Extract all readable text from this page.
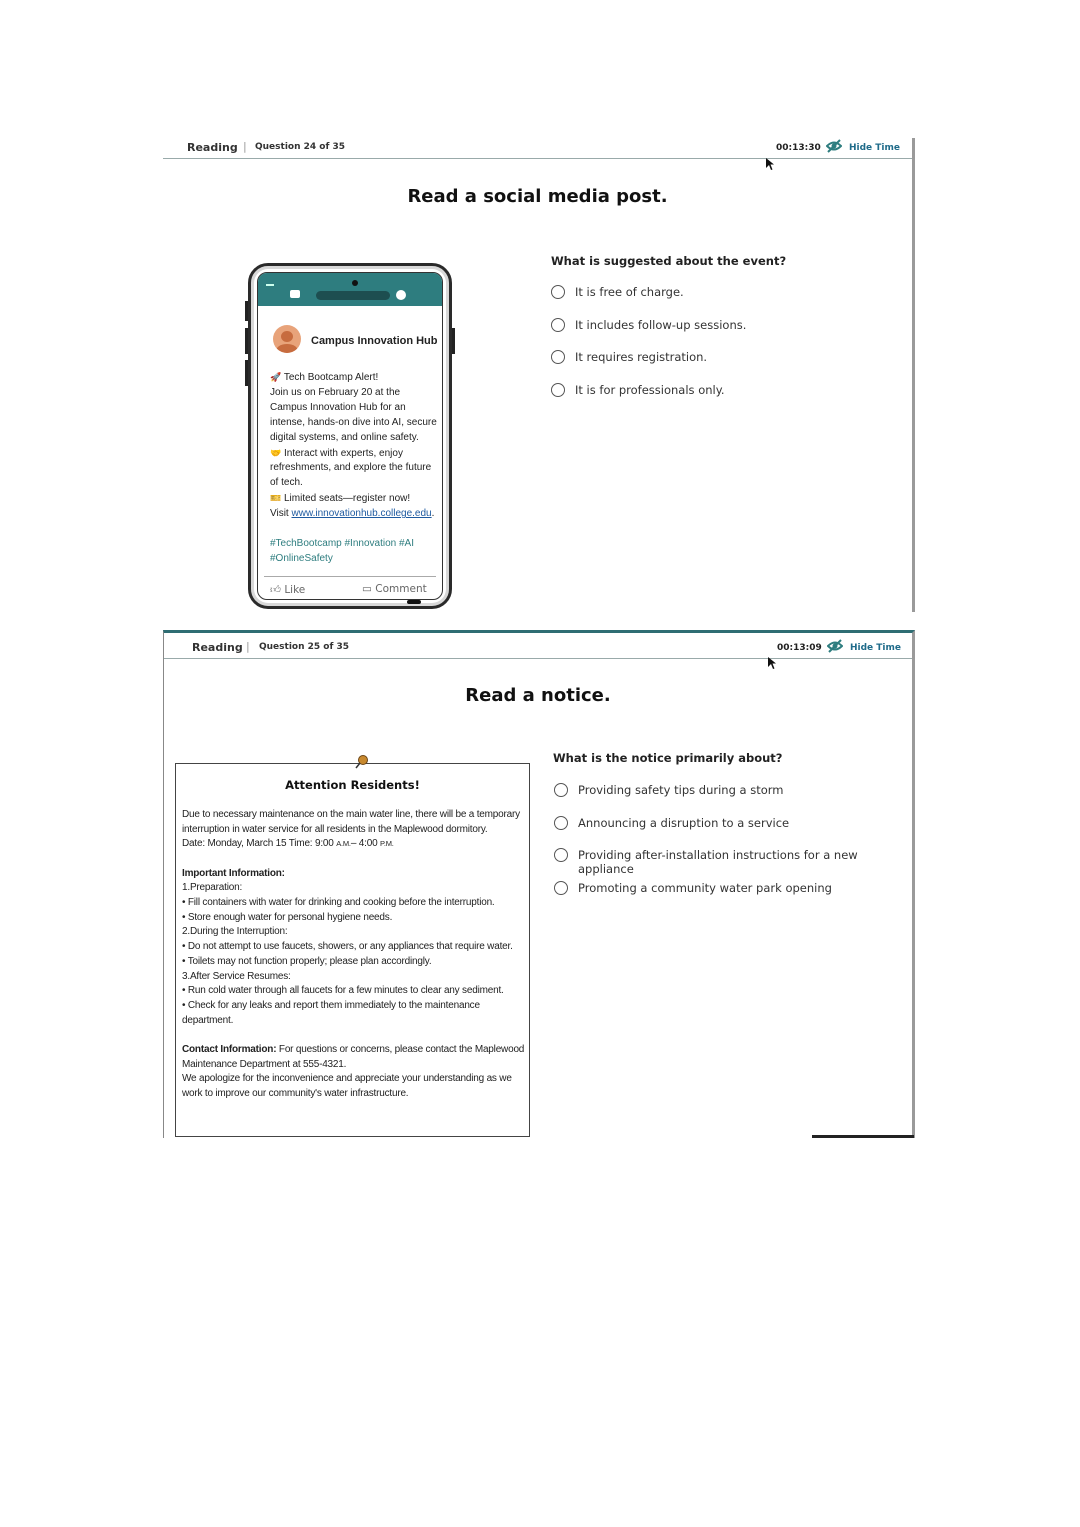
Reading | Question 24 of 35	00:13:30	Hide Time
Read a social media post.
Campus Innovation Hub

🚀 Tech Bootcamp Alert!

Join us on February 20 at the Campus Innovation Hub for an intense, hands-on dive into AI, secure digital systems, and online safety.

🤝 Interact with experts, enjoy refreshments, and explore the future of tech.

🎫 Limited seats—register now!

Visit www.innovationhub.college.edu.

#TechBootcamp #Innovation #AI #OnlineSafety

👍︎ Like	▭ Comment
What is suggested about the event?
It is free of charge.
It includes follow-up sessions.
It requires registration.
It is for professionals only.
Reading | Question 25 of 35	00:13:09	Hide Time
Read a notice.
Attention Residents!

Due to necessary maintenance on the main water line, there will be a temporary interruption in water service for all residents in the Maplewood dormitory.

Date: Monday, March 15 Time: 9:00 A.M.– 4:00 P.M.

Important Information:

1.Preparation:

• Fill containers with water for drinking and cooking before the interruption.

• Store enough water for personal hygiene needs.

2.During the Interruption:

• Do not attempt to use faucets, showers, or any appliances that require water.

• Toilets may not function properly; please plan accordingly.

3.After Service Resumes:

• Run cold water through all faucets for a few minutes to clear any sediment.

• Check for any leaks and report them immediately to the maintenance department.

Contact Information: For questions or concerns, please contact the Maplewood Maintenance Department at 555-4321.

We apologize for the inconvenience and appreciate your understanding as we work to improve our community's water infrastructure.

What is the notice primarily about?
Providing safety tips during a storm
Announcing a disruption to a service
Providing after-installation instructions for a new appliance
Promoting a community water park opening
